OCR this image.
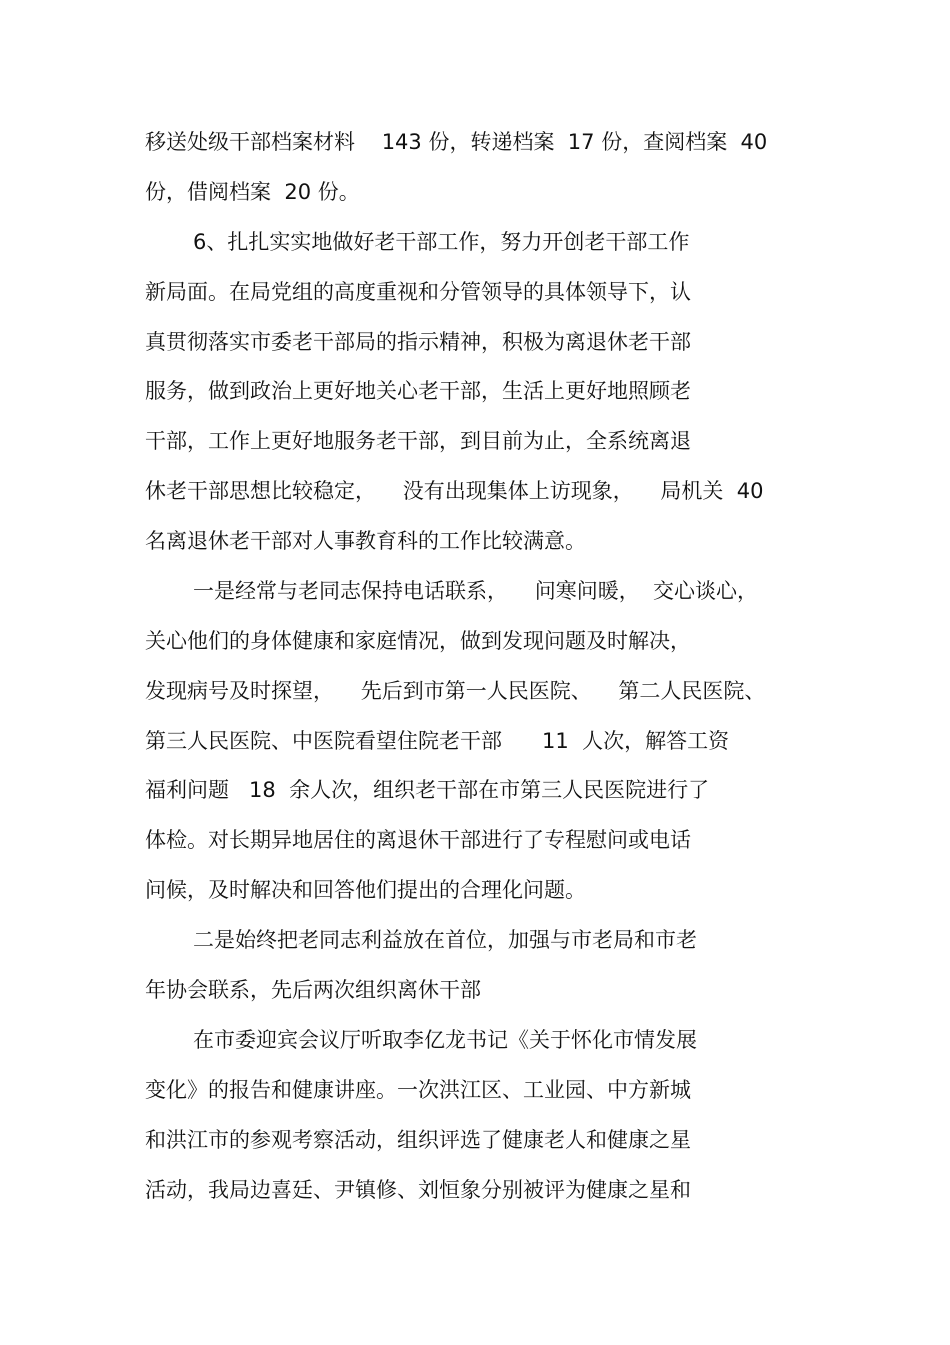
移送处级干部档案材料    143 份，转递档案  17 份，查阅档案  40

份，借阅档案  20 份。

6、扎扎实实地做好老干部工作，努力开创老干部工作

新局面。在局党组的高度重视和分管领导的具体领导下，认

真贯彻落实市委老干部局的指示精神，积极为离退休老干部

服务，做到政治上更好地关心老干部，生活上更好地照顾老

干部，工作上更好地服务老干部，到目前为止，全系统离退

休老干部思想比较稳定，    没有出现集体上访现象，    局机关  40

名离退休老干部对人事教育科的工作比较满意。

一是经常与老同志保持电话联系，    问寒问暖，  交心谈心，

关心他们的身体健康和家庭情况，做到发现问题及时解决，

发现病号及时探望，    先后到市第一人民医院、    第二人民医院、

第三人民医院、中医院看望住院老干部      11  人次，解答工资

福利问题   18  余人次，组织老干部在市第三人民医院进行了

体检。对长期异地居住的离退休干部进行了专程慰问或电话

问候，及时解决和回答他们提出的合理化问题。

二是始终把老同志利益放在首位，加强与市老局和市老

年协会联系，先后两次组织离休干部

在市委迎宾会议厅听取李亿龙书记《关于怀化市情发展

变化》的报告和健康讲座。一次洪江区、工业园、中方新城

和洪江市的参观考察活动，组织评选了健康老人和健康之星

活动，我局边喜廷、尹镇修、刘恒象分别被评为健康之星和
